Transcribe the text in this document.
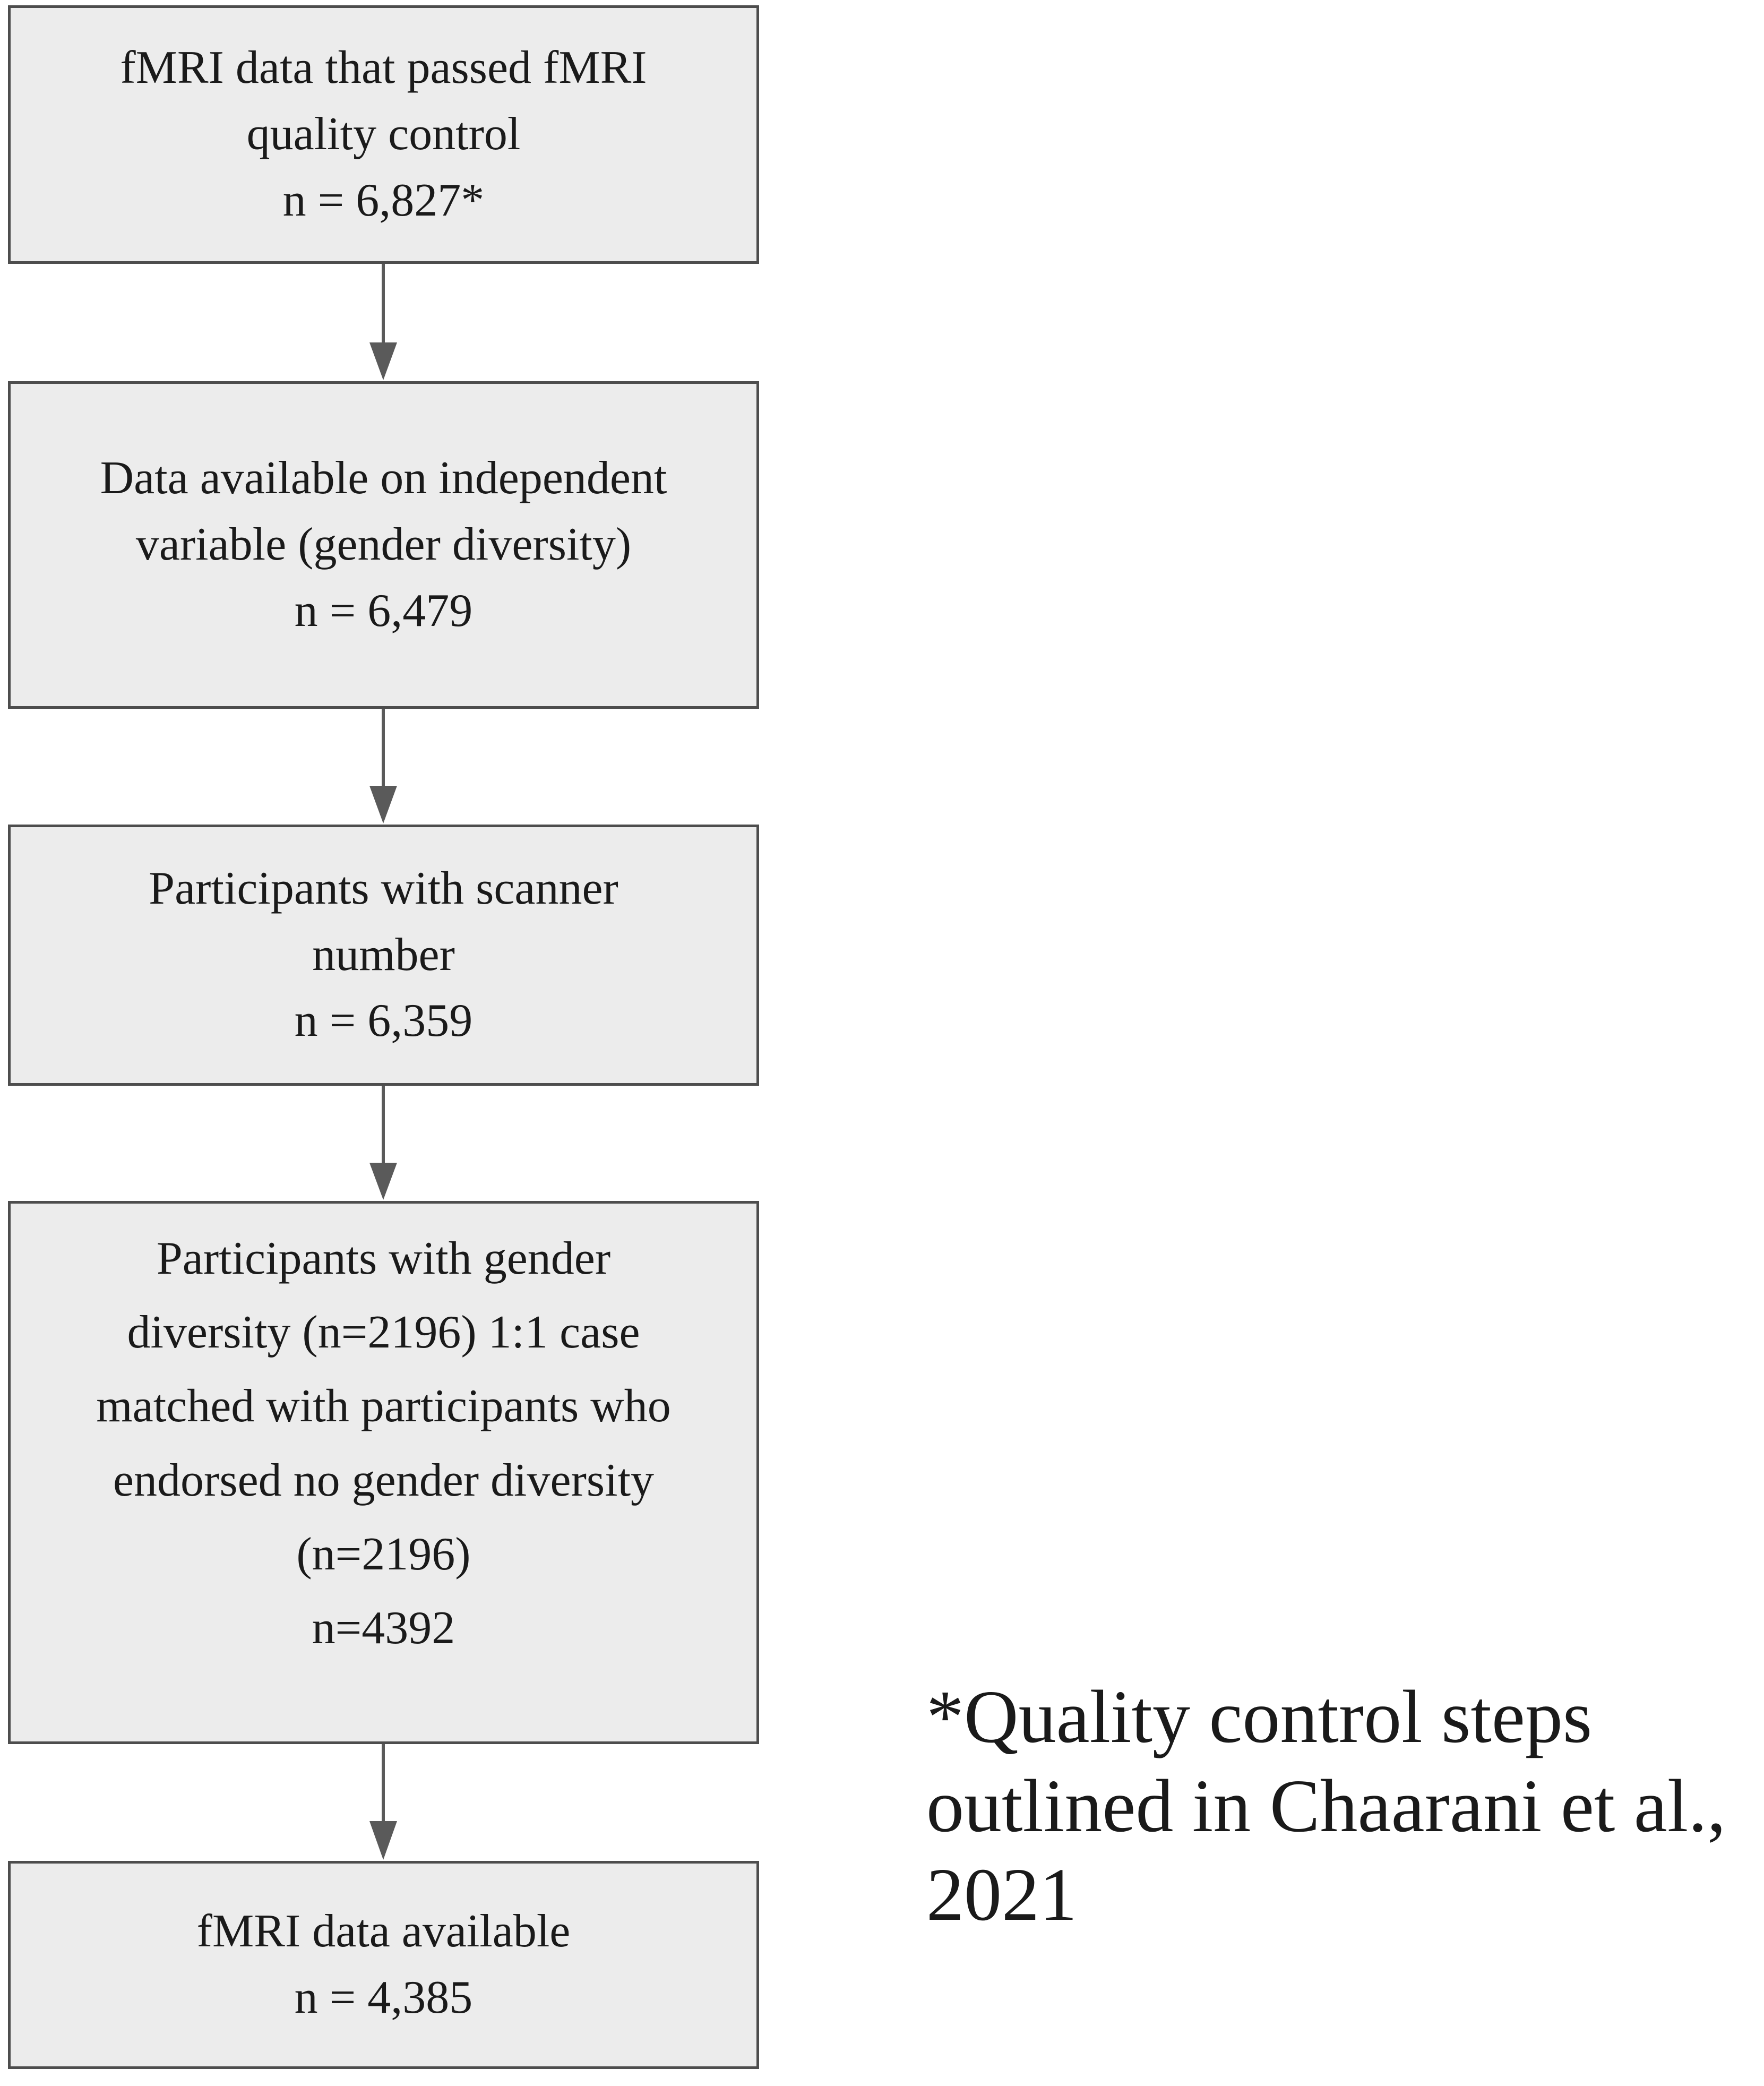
fMRI data that passed fMRI
quality control
n = 6,827*
Data available on independent
variable (gender diversity)
n = 6,479
Participants with scanner
number
n = 6,359
Participants with gender
diversity (n=2196) 1:1 case
matched with participants who
endorsed no gender diversity
(n=2196)
n=4392
fMRI data available
n = 4,385
*Quality control steps
outlined in Chaarani et al.,
2021
